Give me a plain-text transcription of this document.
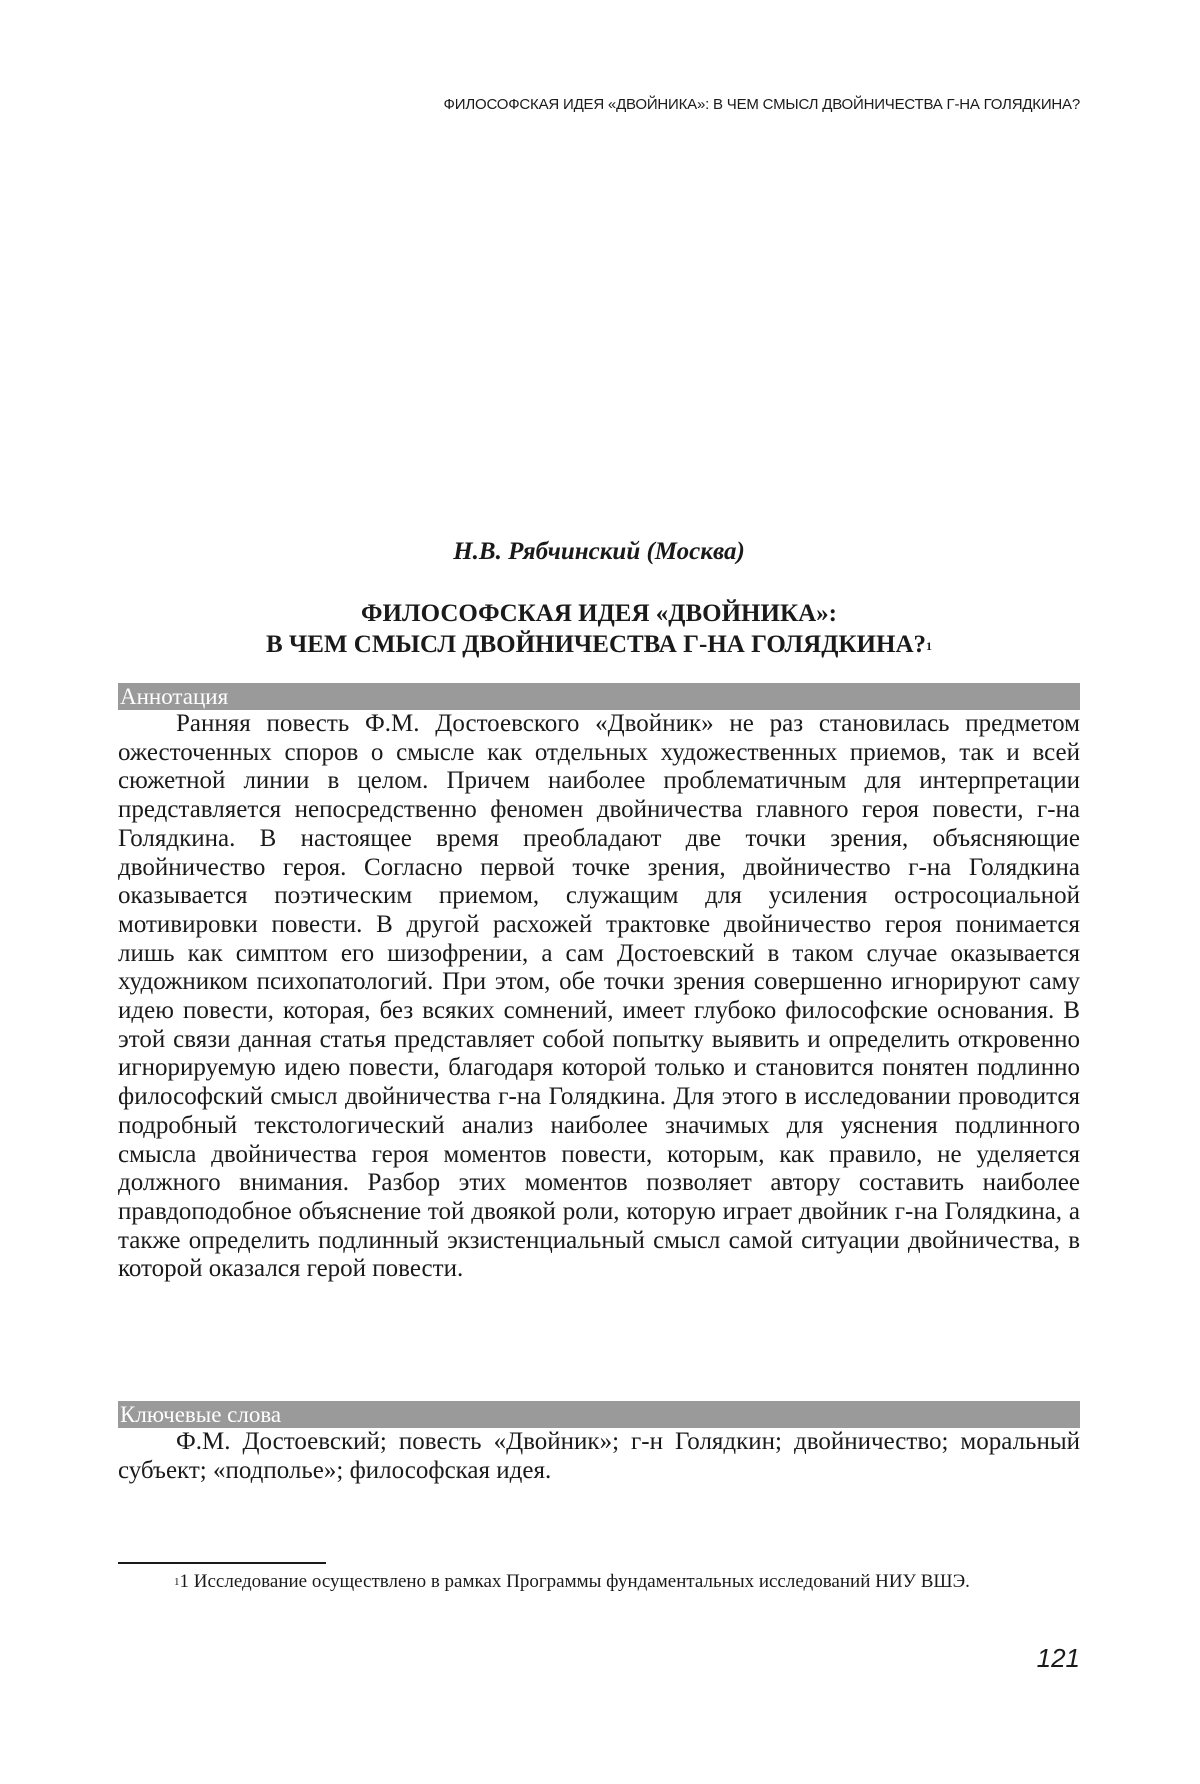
ФИЛОСОФСКАЯ ИДЕЯ «ДВОЙНИКА»: В ЧЕМ СМЫСЛ ДВОЙНИЧЕСТВА Г-НА ГОЛЯДКИНА?
Н.В. Рябчинский (Москва)
ФИЛОСОФСКАЯ ИДЕЯ «ДВОЙНИКА»:
В ЧЕМ СМЫСЛ ДВОЙНИЧЕСТВА Г-НА ГОЛЯДКИНА?$^1$
Аннотация

Ранняя повесть Ф.М. Достоевского «Двойник» не раз становилась предметом ожесточенных споров о смысле как отдельных художественных приемов, так и всей сюжетной линии в целом. Причем наиболее проблематичным для интерпретации представляется непосредственно феномен двойничества главного героя повести, г-на Голядкина. В настоящее время преобладают две точки зрения, объясняющие двойничество героя. Согласно первой точке зрения, двойничество г-на Голядкина оказывается поэтическим приемом, служащим для усиления остросоциальной мотивировки повести. В другой расхожей трактовке двойничество героя понимается лишь как симптом его шизофрении, а сам Достоевский в таком случае оказывается художником психопатологий. При этом, обе точки зрения совершенно игнорируют саму идею повести, которая, без всяких сомнений, имеет глубоко философские основания. В этой связи данная статья представляет собой попытку выявить и определить откровенно игнорируемую идею повести, благодаря которой только и становится понятен подлинно философский смысл двойничества г-на Голядкина. Для этого в исследовании проводится подробный текстологический анализ наиболее значимых для уяснения подлинного смысла двойничества героя моментов повести, которым, как правило, не уделяется должного внимания. Разбор этих моментов позволяет автору составить наиболее правдоподобное объяснение той двоякой роли, которую играет двойник г-на Голядкина, а также определить подлинный экзистенциальный смысл самой ситуации двойничества, в которой оказался герой повести.

Ключевые слова

Ф.М. Достоевский; повесть «Двойник»; г-н Голядкин; двойничество; моральный субъект; «подполье»; философская идея.

$^1$1 Исследование осуществлено в рамках Программы фундаментальных исследований НИУ ВШЭ.

121
